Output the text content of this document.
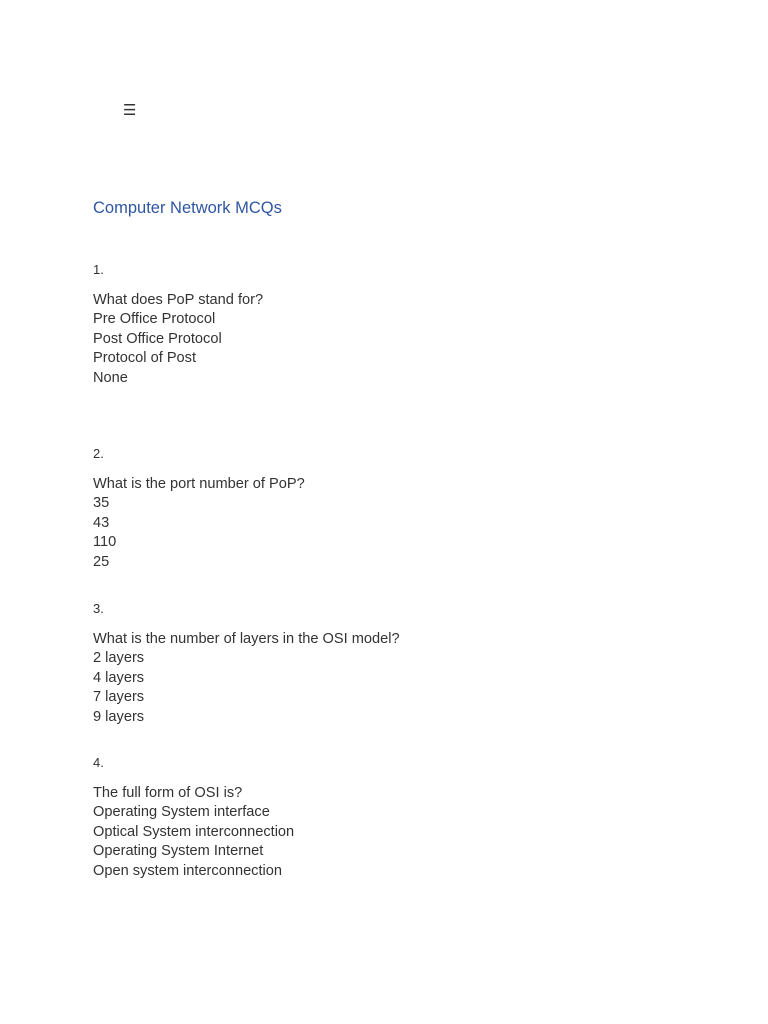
☰
Computer Network MCQs
1.
What does PoP stand for?
Pre Office Protocol
Post Office Protocol
Protocol of Post
None
2.
What is the port number of PoP?
35
43
110
25
3.
What is the number of layers in the OSI model?
2 layers
4 layers
7 layers
9 layers
4.
The full form of OSI is?
Operating System interface
Optical System interconnection
Operating System Internet
Open system interconnection
